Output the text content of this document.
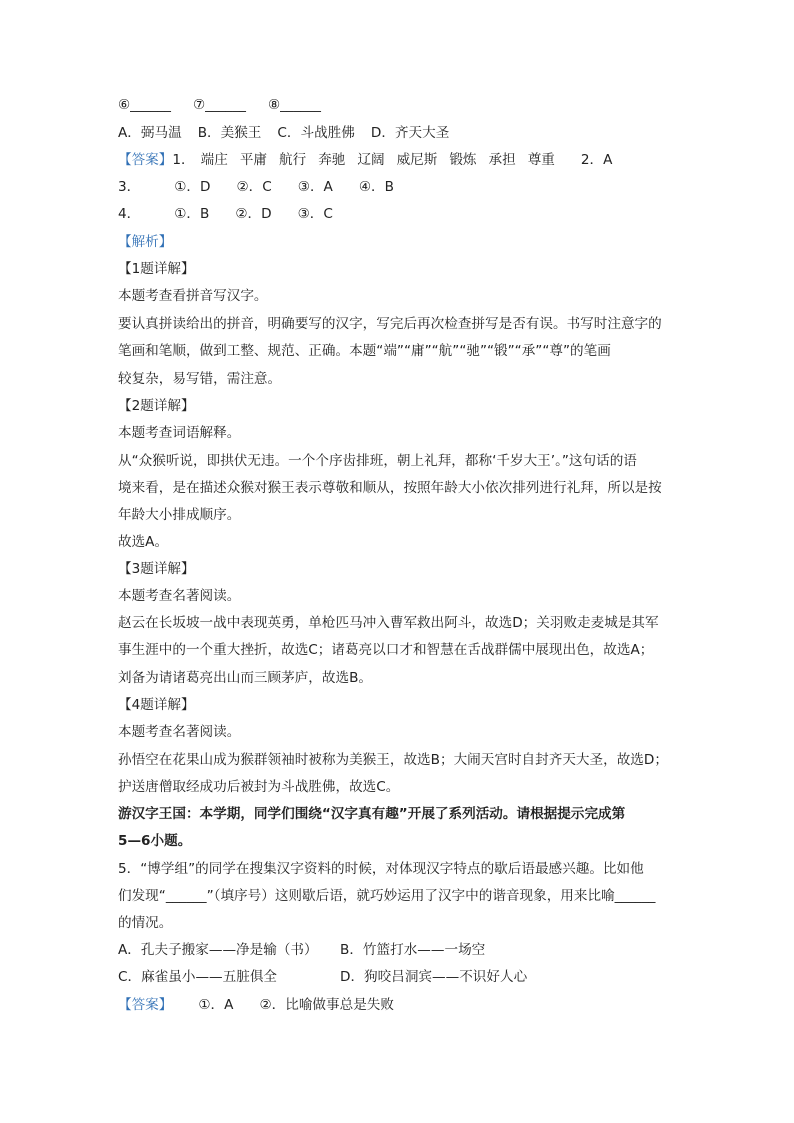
⑥______ ⑦______ ⑧______
A．弼马温 B．美猴王 C．斗战胜佛 D．齐天大圣
【答案】1． 端庄 平庸 航行 奔驰 辽阔 威尼斯 锻炼 承担 尊重 2．A
3．	①．D ②．C ③．A ④．B
4．	①．B ②．D ③．C
【解析】
【1题详解】
本题考查看拼音写汉字。
要认真拼读给出的拼音，明确要写的汉字，写完后再次检查拼写是否有误。书写时注意字的
笔画和笔顺，做到工整、规范、正确。本题“端”“庸”“航”“驰”“锻”“承”“尊”的笔画
较复杂，易写错，需注意。
【2题详解】
本题考查词语解释。
从“众猴听说，即拱伏无违。一个个序齿排班，朝上礼拜，都称‘千岁大王’。”这句话的语
境来看，是在描述众猴对猴王表示尊敬和顺从，按照年龄大小依次排列进行礼拜，所以是按
年龄大小排成顺序。
故选A。
【3题详解】
本题考查名著阅读。
赵云在长坂坡一战中表现英勇，单枪匹马冲入曹军救出阿斗，故选D；关羽败走麦城是其军
事生涯中的一个重大挫折，故选C；诸葛亮以口才和智慧在舌战群儒中展现出色，故选A；
刘备为请诸葛亮出山而三顾茅庐，故选B。
【4题详解】
本题考查名著阅读。
孙悟空在花果山成为猴群领袖时被称为美猴王，故选B；大闹天宫时自封齐天大圣，故选D；
护送唐僧取经成功后被封为斗战胜佛，故选C。
游汉字王国：本学期，同学们围绕“汉字真有趣”开展了系列活动。请根据提示完成第
5—6小题。
5．“博学组”的同学在搜集汉字资料的时候，对体现汉字特点的歇后语最感兴趣。比如他
们发现“______”（填序号）这则歇后语，就巧妙运用了汉字中的谐音现象，用来比喻______
的情况。
A．孔夫子搬家——净是输（书） B．竹篮打水——一场空
C．麻雀虽小——五脏俱全	D．狗咬吕洞宾——不识好人心
【答案】 ①．A ②．比喻做事总是失败
